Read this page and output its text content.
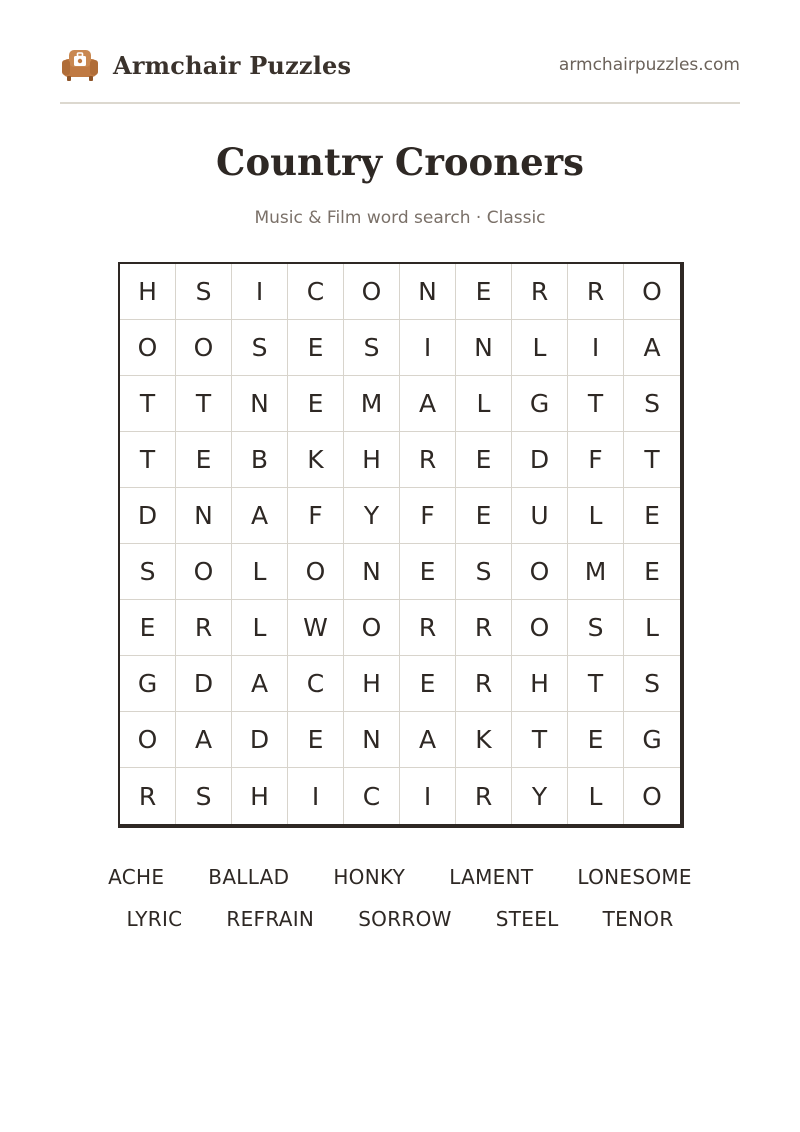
Armchair Puzzles	armchairpuzzles.com
Country Crooners
Music & Film word search · Classic
H	S	I	C	O	N	E	R	R	O
O	O	S	E	S	I	N	L	I	A
T	T	N	E	M	A	L	G	T	S
T	E	B	K	H	R	E	D	F	T
D	N	A	F	Y	F	E	U	L	E
S	O	L	O	N	E	S	O	M	E
E	R	L	W	O	R	R	O	S	L
G	D	A	C	H	E	R	H	T	S
O	A	D	E	N	A	K	T	E	G
R	S	H	I	C	I	R	Y	L	O
ACHE	BALLAD	HONKY	LAMENT	LONESOME
LYRIC	REFRAIN	SORROW	STEEL	TENOR
